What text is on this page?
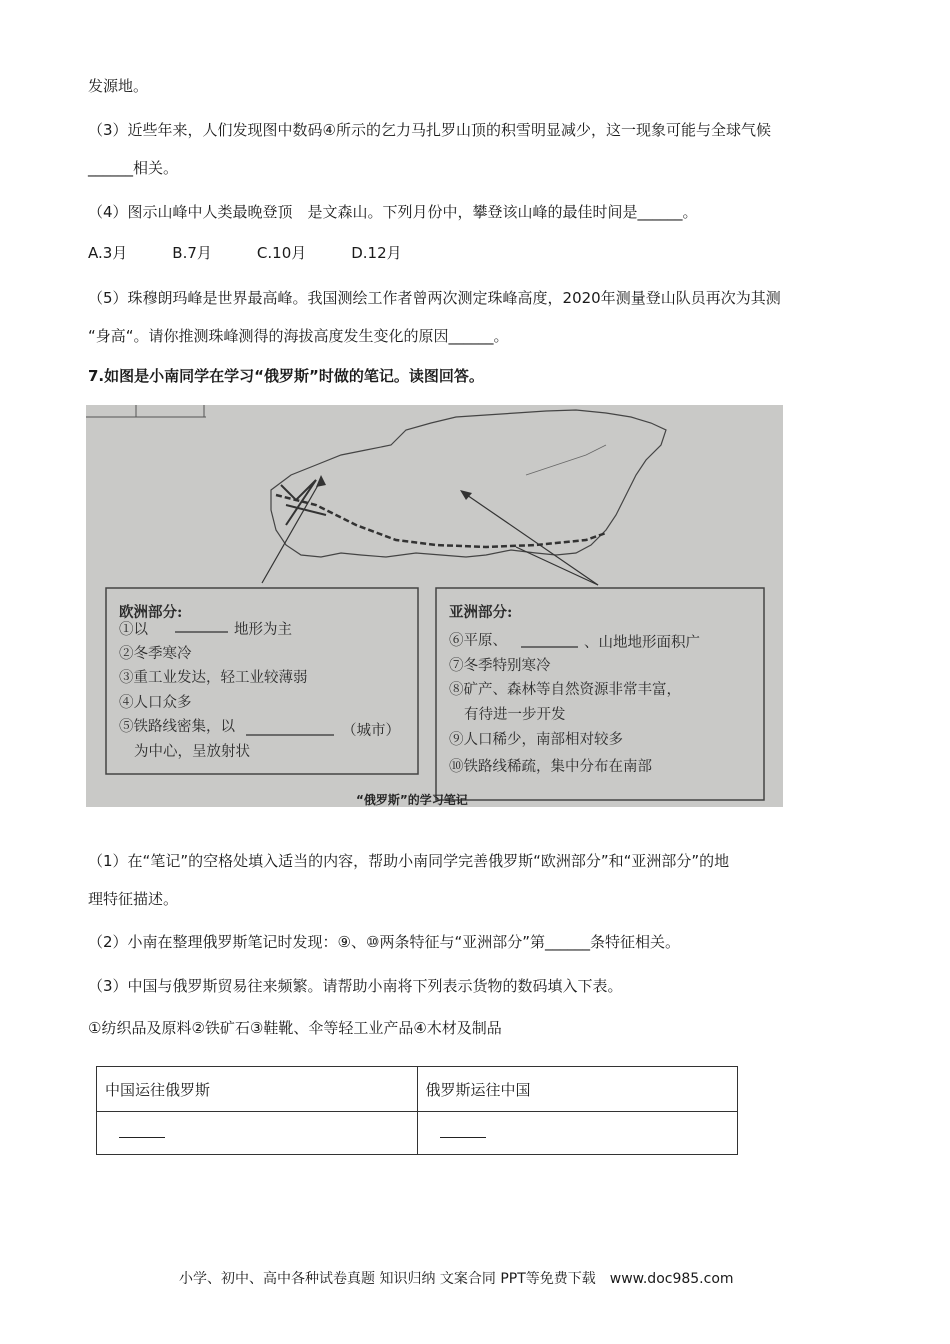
发源地。
（3）近些年来，人们发现图中数码④所示的乞力马扎罗山顶的积雪明显减少，这一现象可能与全球气候
______相关。
（4）图示山峰中人类最晚登顶　是文森山。下列月份中，攀登该山峰的最佳时间是______。
A.3月　　　B.7月　　　C.10月　　　D.12月
（5）珠穆朗玛峰是世界最高峰。我国测绘工作者曾两次测定珠峰高度，2020年测量登山队员再次为其测
“身高“。请你推测珠峰测得的海拔高度发生变化的原因______。
7.如图是小南同学在学习“俄罗斯”时做的笔记。读图回答。
欧洲部分:
①以	地形为主
②冬季寒冷
③重工业发达，轻工业较薄弱
④人口众多
⑤铁路线密集，以	（城市）
为中心，呈放射状
亚洲部分:
⑥平原、	、山地地形面积广
⑦冬季特别寒冷
⑧矿产、森林等自然资源非常丰富，
有待进一步开发
⑨人口稀少，南部相对较多
⑩铁路线稀疏，集中分布在南部
“俄罗斯”的学习笔记
（1）在“笔记”的空格处填入适当的内容，帮助小南同学完善俄罗斯“欧洲部分”和“亚洲部分”的地
理特征描述。
（2）小南在整理俄罗斯笔记时发现：⑨、⑩两条特征与“亚洲部分”第______条特征相关。
（3）中国与俄罗斯贸易往来频繁。请帮助小南将下列表示货物的数码填入下表。
①纺织品及原料②铁矿石③鞋靴、伞等轻工业产品④木材及制品
中国运往俄罗斯	俄罗斯运往中国

小学、初中、高中各种试卷真题 知识归纳 文案合同 PPT等免费下载　www.doc985.com
